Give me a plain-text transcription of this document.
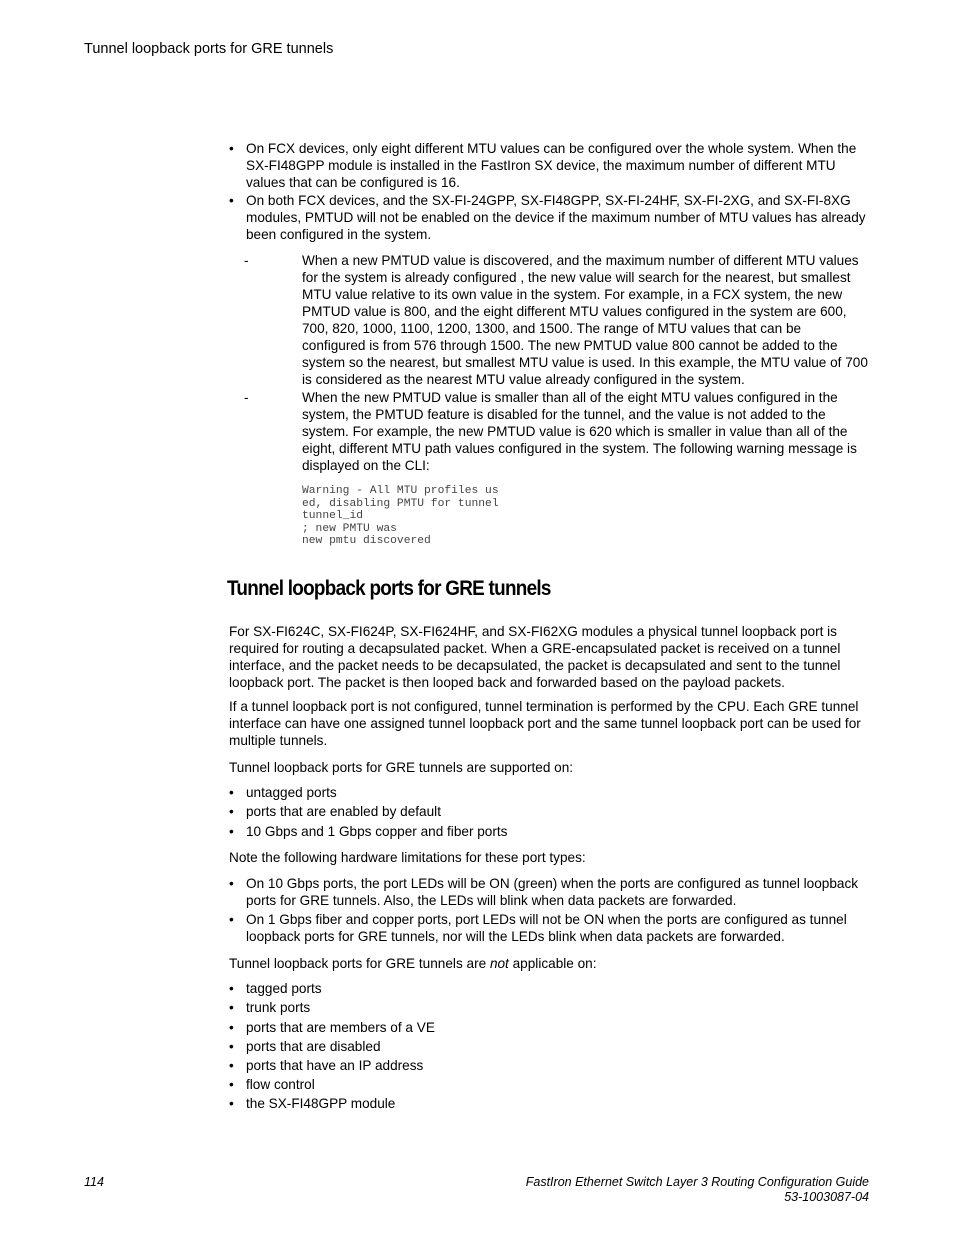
Tunnel loopback ports for GRE tunnels
• On FCX devices, only eight different MTU values can be configured over the whole system. When the SX-FI48GPP module is installed in the FastIron SX device, the maximum number of different MTU values that can be configured is 16.
• On both FCX devices, and the SX-FI-24GPP, SX-FI48GPP, SX-FI-24HF, SX-FI-2XG, and SX-FI-8XG modules, PMTUD will not be enabled on the device if the maximum number of MTU values has already been configured in the system.
-	When a new PMTUD value is discovered, and the maximum number of different MTU values for the system is already configured , the new value will search for the nearest, but smallest MTU value relative to its own value in the system. For example, in a FCX system, the new PMTUD value is 800, and the eight different MTU values configured in the system are 600, 700, 820, 1000, 1100, 1200, 1300, and 1500. The range of MTU values that can be configured is from 576 through 1500. The new PMTUD value 800 cannot be added to the system so the nearest, but smallest MTU value is used. In this example, the MTU value of 700 is considered as the nearest MTU value already configured in the system.
-	When the new PMTUD value is smaller than all of the eight MTU values configured in the system, the PMTUD feature is disabled for the tunnel, and the value is not added to the system. For example, the new PMTUD value is 620 which is smaller in value than all of the eight, different MTU path values configured in the system. The following warning message is displayed on the CLI:
Warning - All MTU profiles us
ed, disabling PMTU for tunnel
tunnel_id
; new PMTU was
new pmtu discovered
Tunnel loopback ports for GRE tunnels
For SX-FI624C, SX-FI624P, SX-FI624HF, and SX-FI62XG modules a physical tunnel loopback port is required for routing a decapsulated packet. When a GRE-encapsulated packet is received on a tunnel interface, and the packet needs to be decapsulated, the packet is decapsulated and sent to the tunnel loopback port. The packet is then looped back and forwarded based on the payload packets.
If a tunnel loopback port is not configured, tunnel termination is performed by the CPU. Each GRE tunnel interface can have one assigned tunnel loopback port and the same tunnel loopback port can be used for multiple tunnels.
Tunnel loopback ports for GRE tunnels are supported on:
• untagged ports
• ports that are enabled by default
• 10 Gbps and 1 Gbps copper and fiber ports
Note the following hardware limitations for these port types:
• On 10 Gbps ports, the port LEDs will be ON (green) when the ports are configured as tunnel loopback ports for GRE tunnels. Also, the LEDs will blink when data packets are forwarded.
• On 1 Gbps fiber and copper ports, port LEDs will not be ON when the ports are configured as tunnel loopback ports for GRE tunnels, nor will the LEDs blink when data packets are forwarded.
Tunnel loopback ports for GRE tunnels are not applicable on:
• tagged ports
• trunk ports
• ports that are members of a VE
• ports that are disabled
• ports that have an IP address
• flow control
• the SX-FI48GPP module
114	FastIron Ethernet Switch Layer 3 Routing Configuration Guide
53-1003087-04
